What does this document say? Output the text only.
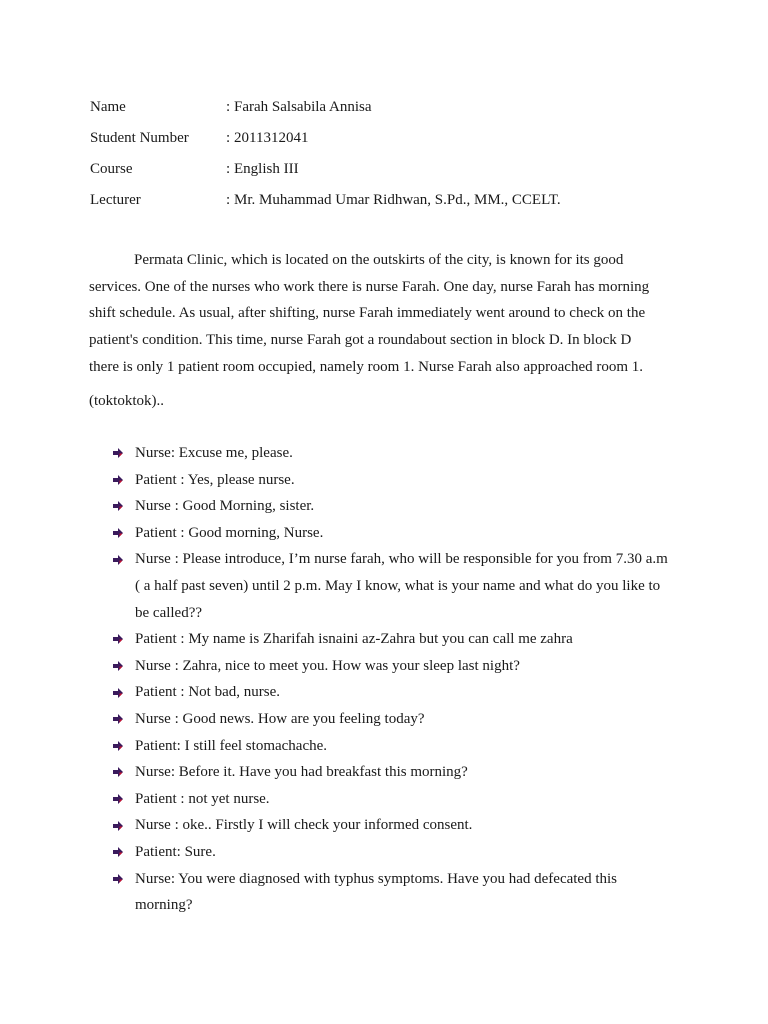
Name	: Farah Salsabila Annisa
Student Number	: 2011312041
Course	: English III
Lecturer	: Mr. Muhammad Umar Ridhwan, S.Pd., MM., CCELT.

Permata Clinic, which is located on the outskirts of the city, is known for its good services. One of the nurses who work there is nurse Farah. One day, nurse Farah has morning shift schedule. As usual, after shifting, nurse Farah immediately went around to check on the patient's condition. This time, nurse Farah got a roundabout section in block D. In block D there is only 1 patient room occupied, namely room 1. Nurse Farah also approached room 1.

(toktoktok)..

Nurse: Excuse me, please.
Patient : Yes, please nurse.
Nurse : Good Morning, sister.
Patient : Good morning, Nurse.
Nurse : Please introduce, I’m nurse farah, who will be responsible for you from 7.30 a.m ( a half past seven) until 2 p.m. May I know, what is your name and what do you like to be called??
Patient : My name is Zharifah isnaini az-Zahra but you can call me zahra
Nurse : Zahra, nice to meet you. How was your sleep last night?
Patient : Not bad, nurse.
Nurse : Good news. How are you feeling today?
Patient: I still feel stomachache.
Nurse: Before it. Have you had breakfast this morning?
Patient : not yet nurse.
Nurse : oke.. Firstly I will check your informed consent.
Patient: Sure.
Nurse: You were diagnosed with typhus symptoms. Have you had defecated this morning?
